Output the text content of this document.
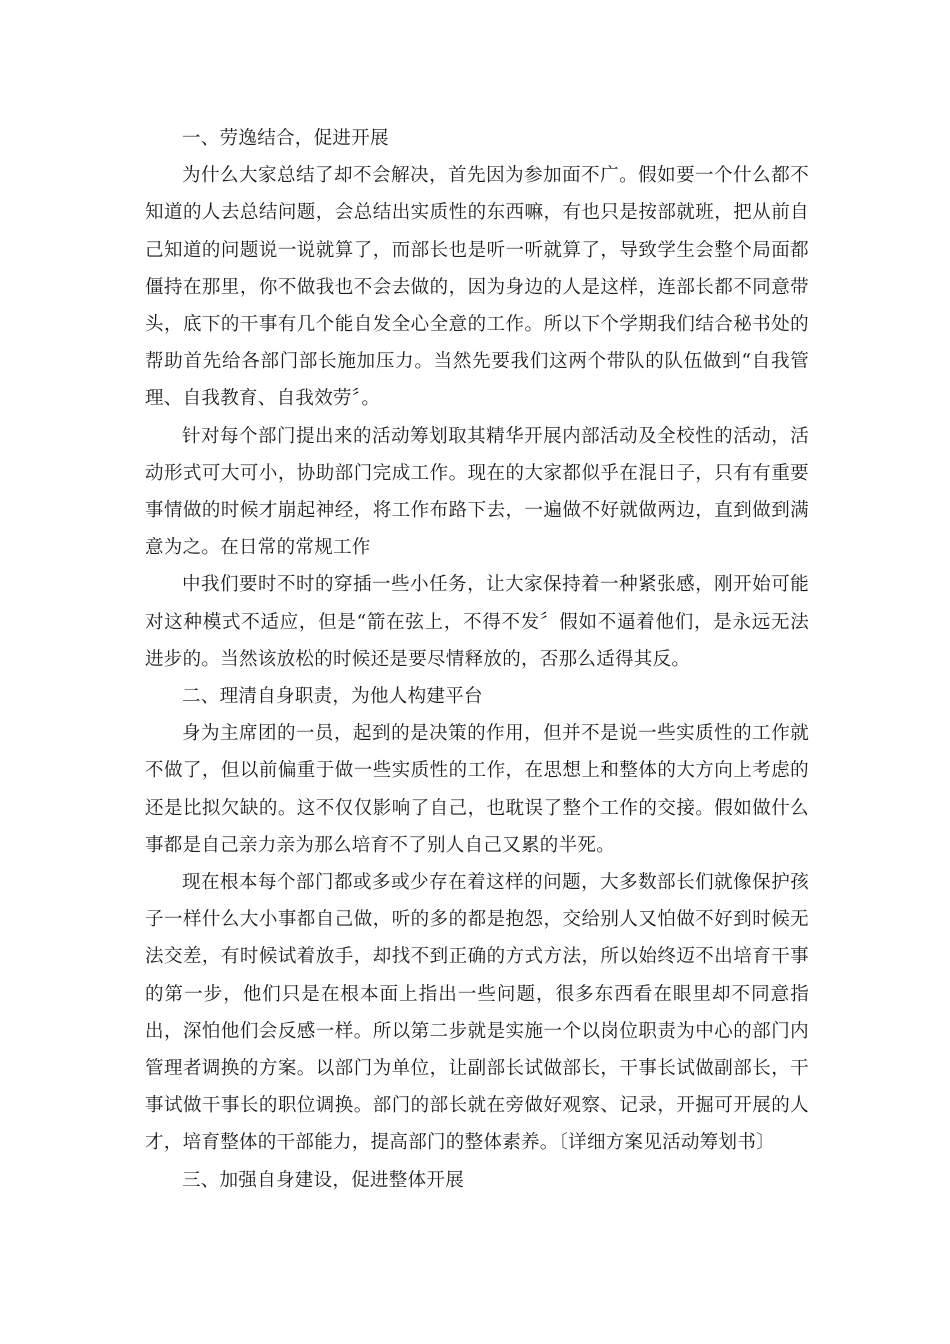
一、劳逸结合，促进开展

为什么大家总结了却不会解决，首先因为参加面不广。假如要一个什么都不知道的人去总结问题，会总结出实质性的东西嘛，有也只是按部就班，把从前自己知道的问题说一说就算了，而部长也是听一听就算了，导致学生会整个局面都僵持在那里，你不做我也不会去做的，因为身边的人是这样，连部长都不同意带头，底下的干事有几个能自发全心全意的工作。所以下个学期我们结合秘书处的帮助首先给各部门部长施加压力。当然先要我们这两个带队的队伍做到“自我管理、自我教育、自我效劳〞。

针对每个部门提出来的活动筹划取其精华开展内部活动及全校性的活动，活动形式可大可小，协助部门完成工作。现在的大家都似乎在混日子，只有有重要事情做的时候才崩起神经，将工作布路下去，一遍做不好就做两边，直到做到满意为之。在日常的常规工作

中我们要时不时的穿插一些小任务，让大家保持着一种紧张感，刚开始可能对这种模式不适应，但是“箭在弦上，不得不发〞假如不逼着他们，是永远无法进步的。当然该放松的时候还是要尽情释放的，否那么适得其反。

二、理清自身职责，为他人构建平台

身为主席团的一员，起到的是决策的作用，但并不是说一些实质性的工作就不做了，但以前偏重于做一些实质性的工作，在思想上和整体的大方向上考虑的还是比拟欠缺的。这不仅仅影响了自己，也耽误了整个工作的交接。假如做什么事都是自己亲力亲为那么培育不了别人自己又累的半死。

现在根本每个部门都或多或少存在着这样的问题，大多数部长们就像保护孩子一样什么大小事都自己做，听的多的都是抱怨，交给别人又怕做不好到时候无法交差，有时候试着放手，却找不到正确的方式方法，所以始终迈不出培育干事的第一步，他们只是在根本面上指出一些问题，很多东西看在眼里却不同意指出，深怕他们会反感一样。所以第二步就是实施一个以岗位职责为中心的部门内管理者调换的方案。以部门为单位，让副部长试做部长，干事长试做副部长，干事试做干事长的职位调换。部门的部长就在旁做好观察、记录，开掘可开展的人才，培育整体的干部能力，提高部门的整体素养。〔详细方案见活动筹划书〕

三、加强自身建设，促进整体开展
